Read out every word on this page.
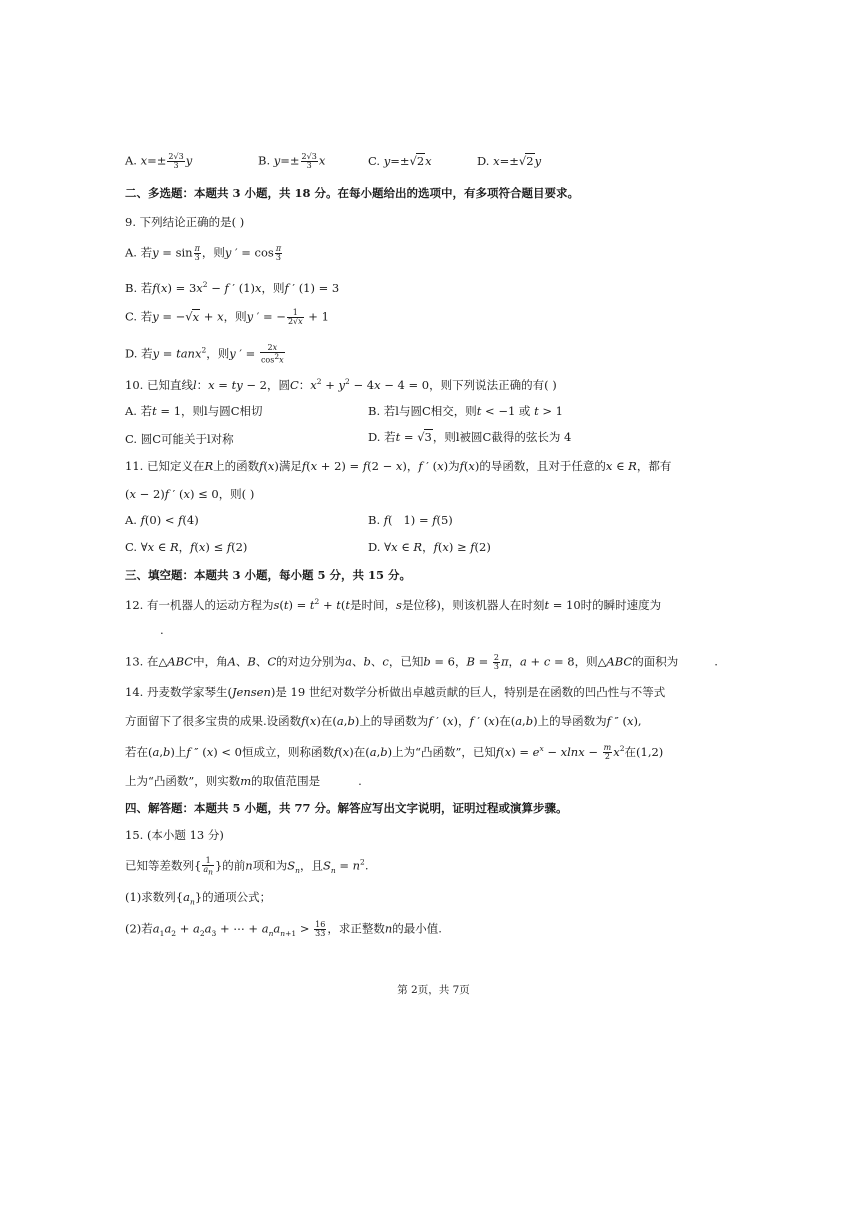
A. $x=\pm \frac{2√3}{3}$ y	B. $y=\pm \frac{2√3}{3}$ x	C. y=±√2x	D. x=±√2y
二、多选题：本题共 3 小题，共 18 分。在每小题给出的选项中，有多项符合题目要求。
9. 下列结论正确的是( )
A. 若$y = \sin \frac{\pi}{3}$ ，则y ′ = $\cos \frac{\pi}{3}$
B. 若$f(x) = 3x^2 - f$ ′ (1)x，则f ′ (1) = 3
C. 若y = −√x + x，则y ′ = − $\frac{1}{2√x} + 1$
D. 若y = tanx$^2$，则y ′ = $\frac{2x}{\cos^2x}$
10. 已知直线l：x = ty − 2，圆C：$x^2 + y^2 - 4x - 4 = 0$，则下列说法正确的有( )
A. 若t = 1，则l与圆C相切	B. 若l与圆C相交，则t < −1 或 t > 1
C. 圆C可能关于l对称	D. 若t = √3，则l被圆C截得的弦长为 4
11. 已知定义在R上的函数f(x)满足f(x + 2) = f(2 − x)，f ′ (x)为f(x)的导函数，且对于任意的x ∈ R，都有
(x − 2)f ′ (x) ≤ 0，则( )
A. f(0) < f(4)	B. f(   1) = f(5)
C. ∀x ∈ R，f(x) ≤ f(2)	D. ∀x ∈ R，f(x) ≥ f(2)
三、填空题：本题共 3 小题，每小题 5 分，共 15 分。
12. 有一机器人的运动方程为$s(t) = t^2 + t(t$是时间，s是位移)，则该机器人在时刻t = 10时的瞬时速度为
.
13. 在△ABC中，角A、B、C的对边分别为a、b、c，已知b = 6，$B = \frac{2}{3}$ π，a + c = 8，则△ABC的面积为	.
14. 丹麦数学家琴生(Jensen)是 19 世纪对数学分析做出卓越贡献的巨人，特别是在函数的凹凸性与不等式
方面留下了很多宝贵的成果.设函数f(x)在(a,b)上的导函数为f ′ (x)，f ′ (x)在(a,b)上的导函数为f ″ (x),
若在(a,b)上f ″ (x) < 0恒成立，则称函数f(x)在(a,b)上为“凸函数”，已知$f(x) = e^x - xlnx - \frac{m}{2} x^2$在(1,2)
上为“凸函数”，则实数m的取值范围是	.
四、解答题：本题共 5 小题，共 77 分。解答应写出文字说明，证明过程或演算步骤。
15. (本小题 13 分)
已知等差数列{ $\frac{1}{a_n}$ }的前n项和为$S_n$，且$S_n = n^2$.
(1)求数列$\{a_n\}$的通项公式；
(2)若$a_1a_2 + a_2a_3$ + ⋯ + $a_na_{n+1} > \frac{16}{33}$ ，求正整数n的最小值.
第 2页，共 7页
